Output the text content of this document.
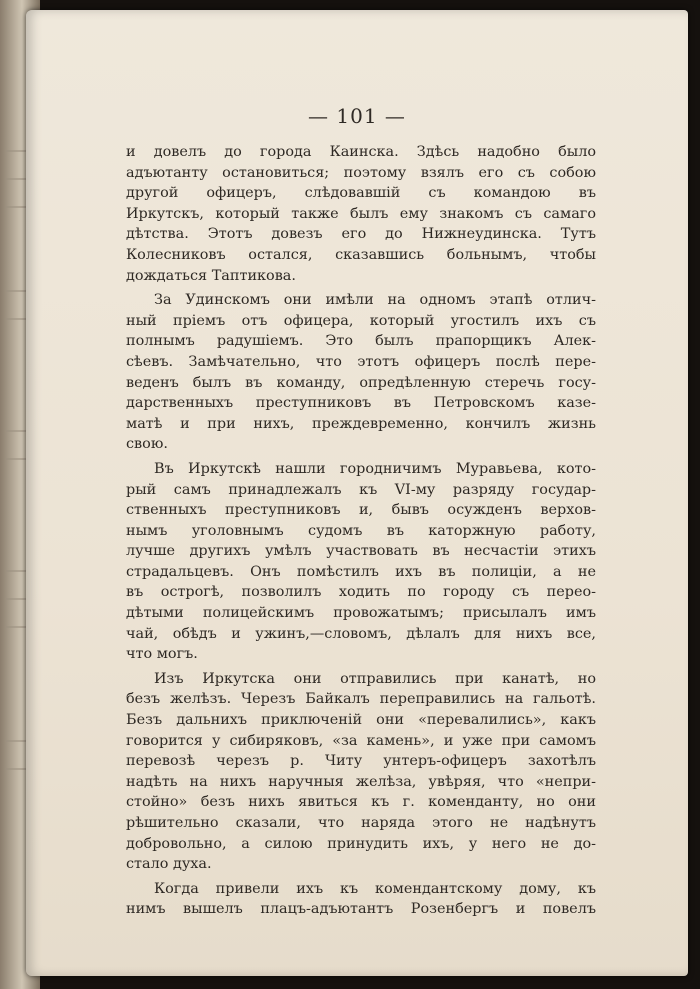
— 101 —
и довелъ до города Каинска. Здѣсь надобно было
адъютанту остановиться; поэтому взялъ его съ собою
другой офицеръ, слѣдовавшій съ командою въ
Иркутскъ, который также былъ ему знакомъ съ самаго
дѣтства. Этотъ довезъ его до Нижнеудинска. Тутъ
Колесниковъ остался, сказавшись больнымъ, чтобы
дождаться Таптикова.
За Удинскомъ они имѣли на одномъ этапѣ отлич-
ный пріемъ отъ офицера, который угостилъ ихъ съ
полнымъ радушіемъ. Это былъ прапорщикъ Алек-
сѣевъ. Замѣчательно, что этотъ офицеръ послѣ пере-
веденъ былъ въ команду, опредѣленную стеречь госу-
дарственныхъ преступниковъ въ Петровскомъ казе-
матѣ и при нихъ, преждевременно, кончилъ жизнь
свою.
Въ Иркутскѣ нашли городничимъ Муравьева, кото-
рый самъ принадлежалъ къ VI-му разряду государ-
ственныхъ преступниковъ и, бывъ осужденъ верхов-
нымъ уголовнымъ судомъ въ каторжную работу,
лучше другихъ умѣлъ участвовать въ несчастіи этихъ
страдальцевъ. Онъ помѣстилъ ихъ въ полиціи, а не
въ острогѣ, позволилъ ходить по городу съ перео-
дѣтыми полицейскимъ провожатымъ; присылалъ имъ
чай, обѣдъ и ужинъ,—словомъ, дѣлалъ для нихъ все,
что могъ.
Изъ Иркутска они отправились при канатѣ, но
безъ желѣзъ. Черезъ Байкалъ переправились на гальотѣ.
Безъ дальнихъ приключеній они «перевалились», какъ
говорится у сибиряковъ, «за камень», и уже при самомъ
перевозѣ черезъ р. Читу унтеръ-офицеръ захотѣлъ
надѣть на нихъ наручныя желѣза, увѣряя, что «непри-
стойно» безъ нихъ явиться къ г. коменданту, но они
рѣшительно сказали, что наряда этого не надѣнутъ
добровольно, а силою принудить ихъ, у него не до-
стало духа.
Когда привели ихъ къ комендантскому дому, къ
нимъ вышелъ плацъ-адъютантъ Розенбергъ и повелъ
